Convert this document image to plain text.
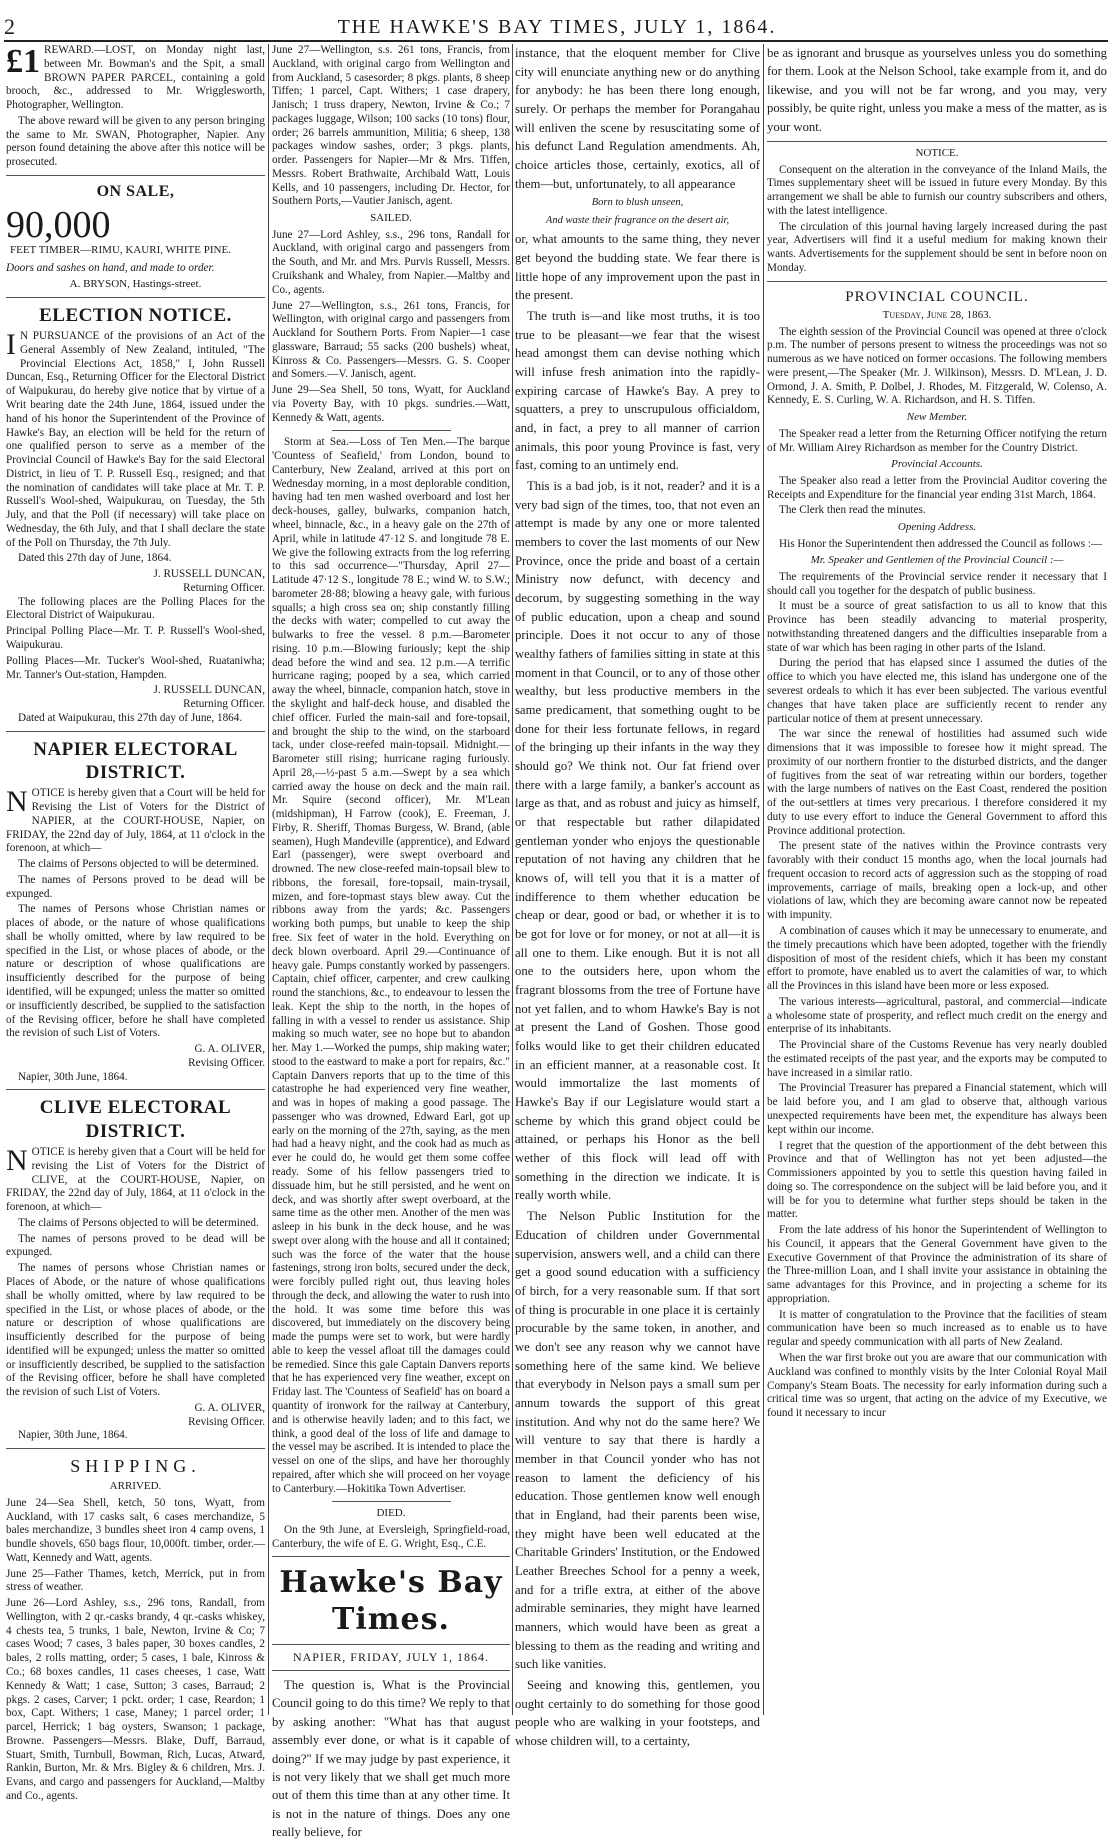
2	THE HAWKE'S BAY TIMES, JULY 1, 1864.
£1 REWARD.—LOST, on Monday night last, between Mr. Bowman's and the Spit, a small BROWN PAPER PARCEL, containing a gold brooch, &c., addressed to Mr. Wrigglesworth, Photographer, Wellington.

The above reward will be given to any person bringing the same to Mr. SWAN, Photographer, Napier. Any person found detaining the above after this notice will be prosecuted.

ON SALE,
90,000 FEET TIMBER—RIMU, KAURI, WHITE PINE.

Doors and sashes on hand, and made to order.

A. BRYSON, Hastings-street.

ELECTION NOTICE.

I N PURSUANCE of the provisions of an Act of the General Assembly of New Zealand, intituled, "The Provincial Elections Act, 1858," I, John Russell Duncan, Esq., Returning Officer for the Electoral District of Waipukurau, do hereby give notice that by virtue of a Writ bearing date the 24th June, 1864, issued under the hand of his honor the Superintendent of the Province of Hawke's Bay, an election will be held for the return of one qualified person to serve as a member of the Provincial Council of Hawke's Bay for the said Electoral District, in lieu of T. P. Russell Esq., resigned; and that the nomination of candidates will take place at Mr. T. P. Russell's Wool-shed, Waipukurau, on Tuesday, the 5th July, and that the Poll (if necessary) will take place on Wednesday, the 6th July, and that I shall declare the state of the Poll on Thursday, the 7th July.

Dated this 27th day of June, 1864.

J. RUSSELL DUNCAN,

Returning Officer.

The following places are the Polling Places for the Electoral District of Waipukurau.

Principal Polling Place—Mr. T. P. Russell's Wool-shed, Waipukurau.

Polling Places—Mr. Tucker's Wool-shed, Ruataniwha; Mr. Tanner's Out-station, Hampden.

J. RUSSELL DUNCAN,

Returning Officer.

Dated at Waipukurau, this 27th day of June, 1864.

NAPIER ELECTORAL DISTRICT.

NOTICE is hereby given that a Court will be held for Revising the List of Voters for the District of NAPIER, at the COURT-HOUSE, Napier, on FRIDAY, the 22nd day of July, 1864, at 11 o'clock in the forenoon, at which—

The claims of Persons objected to will be determined.

The names of Persons proved to be dead will be expunged.

The names of Persons whose Christian names or places of abode, or the nature of whose qualifications shall be wholly omitted, where by law required to be specified in the List, or whose places of abode, or the nature or description of whose qualifications are insufficiently described for the purpose of being identified, will be expunged; unless the matter so omitted or insufficiently described, be supplied to the satisfaction of the Revising officer, before he shall have completed the revision of such List of Voters.

G. A. OLIVER,

Revising Officer.

Napier, 30th June, 1864.

CLIVE ELECTORAL DISTRICT.

NOTICE is hereby given that a Court will be held for revising the List of Voters for the District of CLIVE, at the COURT-HOUSE, Napier, on FRIDAY, the 22nd day of July, 1864, at 11 o'clock in the forenoon, at which—

The claims of Persons objected to will be determined.

The names of persons proved to be dead will be expunged.

The names of persons whose Christian names or Places of Abode, or the nature of whose qualifications shall be wholly omitted, where by law required to be specified in the List, or whose places of abode, or the nature or description of whose qualifications are insufficiently described for the purpose of being identified will be expunged; unless the matter so omitted or insufficiently described, be supplied to the satisfaction of the Revising officer, before he shall have completed the revision of such List of Voters.

G. A. OLIVER,

Revising Officer.

Napier, 30th June, 1864.

SHIPPING.

ARRIVED.

June 24—Sea Shell, ketch, 50 tons, Wyatt, from Auckland, with 17 casks salt, 6 cases merchandize, 5 bales merchandize, 3 bundles sheet iron 4 camp ovens, 1 bundle shovels, 650 bags flour, 10,000ft. timber, order.—Watt, Kennedy and Watt, agents.

June 25—Father Thames, ketch, Merrick, put in from stress of weather.

June 26—Lord Ashley, s.s., 296 tons, Randall, from Wellington, with 2 qr.-casks brandy, 4 qr.-casks whiskey, 4 chests tea, 5 trunks, 1 bale, Newton, Irvine & Co; 7 cases Wood; 7 cases, 3 bales paper, 30 boxes candles, 2 bales, 2 rolls matting, order; 5 cases, 1 bale, Kinross & Co.; 68 boxes candles, 11 cases cheeses, 1 case, Watt Kennedy & Watt; 1 case, Sutton; 3 cases, Barraud; 2 pkgs. 2 cases, Carver; 1 pckt. order; 1 case, Reardon; 1 box, Capt. Withers; 1 case, Maney; 1 parcel order; 1 parcel, Herrick; 1 bag oysters, Swanson; 1 package, Browne. Passengers—Messrs. Blake, Duff, Barraud, Stuart, Smith, Turnbull, Bowman, Rich, Lucas, Atward, Rankin, Burton, Mr. & Mrs. Bigley & 6 children, Mrs. J. Evans, and cargo and passengers for Auckland,—Maltby and Co., agents.

June 27—Wellington, s.s. 261 tons, Francis, from Auckland, with original cargo from Wellington and from Auckland, 5 casesorder; 8 pkgs. plants, 8 sheep Tiffen; 1 parcel, Capt. Withers; 1 case drapery, Janisch; 1 truss drapery, Newton, Irvine & Co.; 7 packages luggage, Wilson; 100 sacks (10 tons) flour, order; 26 barrels ammunition, Militia; 6 sheep, 138 packages window sashes, order; 3 pkgs. plants, order. Passengers for Napier—Mr & Mrs. Tiffen, Messrs. Robert Brathwaite, Archibald Watt, Louis Kells, and 10 passengers, including Dr. Hector, for Southern Ports,—Vautier Janisch, agent.

SAILED.

June 27—Lord Ashley, s.s., 296 tons, Randall for Auckland, with original cargo and passengers from the South, and Mr. and Mrs. Purvis Russell, Messrs. Cruikshank and Whaley, from Napier.—Maltby and Co., agents.

June 27—Wellington, s.s., 261 tons, Francis, for Wellington, with original cargo and passengers from Auckland for Southern Ports. From Napier—1 case glassware, Barraud; 55 sacks (200 bushels) wheat, Kinross & Co. Passengers—Messrs. G. S. Cooper and Somers.—V. Janisch, agent.

June 29—Sea Shell, 50 tons, Wyatt, for Auckland via Poverty Bay, with 10 pkgs. sundries.—Watt, Kennedy & Watt, agents.

Storm at Sea.—Loss of Ten Men.—The barque 'Countess of Seafield,' from London, bound to Canterbury, New Zealand, arrived at this port on Wednesday morning, in a most deplorable condition, having had ten men washed overboard and lost her deck-houses, galley, bulwarks, companion hatch, wheel, binnacle, &c., in a heavy gale on the 27th of April, while in latitude 47·12 S. and longitude 78 E. We give the following extracts from the log referring to this sad occurrence—"Thursday, April 27—Latitude 47·12 S., longitude 78 E.; wind W. to S.W.; barometer 28·88; blowing a heavy gale, with furious squalls; a high cross sea on; ship constantly filling the decks with water; compelled to cut away the bulwarks to free the vessel. 8 p.m.—Barometer rising. 10 p.m.—Blowing furiously; kept the ship dead before the wind and sea. 12 p.m.—A terrific hurricane raging; pooped by a sea, which carried away the wheel, binnacle, companion hatch, stove in the skylight and half-deck house, and disabled the chief officer. Furled the main-sail and fore-topsail, and brought the ship to the wind, on the starboard tack, under close-reefed main-topsail. Midnight.—Barometer still rising; hurricane raging furiously. April 28,—½-past 5 a.m.—Swept by a sea which carried away the house on deck and the main rail. Mr. Squire (second officer), Mr. M'Lean (midshipman), H Farrow (cook), E. Freeman, J. Firby, R. Sheriff, Thomas Burgess, W. Brand, (able seamen), Hugh Mandeville (apprentice), and Edward Earl (passenger), were swept overboard and drowned. The new close-reefed main-topsail blew to ribbons, the foresail, fore-topsail, main-trysail, mizen, and fore-topmast stays blew away. Cut the ribbons away from the yards; &c. Passengers working both pumps, but unable to keep the ship free. Six feet of water in the hold. Everything on deck blown overboard. April 29.—Continuance of heavy gale. Pumps constantly worked by passengers. Captain, chief officer, carpenter, and crew caulking round the stanchions, &c., to endeavour to lessen the leak. Kept the ship to the north, in the hopes of falling in with a vessel to render us assistance. Ship making so much water, see no hope but to abandon her. May 1.—Worked the pumps, ship making water; stood to the eastward to make a port for repairs, &c." Captain Danvers reports that up to the time of this catastrophe he had experienced very fine weather, and was in hopes of making a good passage. The passenger who was drowned, Edward Earl, got up early on the morning of the 27th, saying, as the men had had a heavy night, and the cook had as much as ever he could do, he would get them some coffee ready. Some of his fellow passengers tried to dissuade him, but he still persisted, and he went on deck, and was shortly after swept overboard, at the same time as the other men. Another of the men was asleep in his bunk in the deck house, and he was swept over along with the house and all it contained; such was the force of the water that the house fastenings, strong iron bolts, secured under the deck, were forcibly pulled right out, thus leaving holes through the deck, and allowing the water to rush into the hold. It was some time before this was discovered, but immediately on the discovery being made the pumps were set to work, but were hardly able to keep the vessel afloat till the damages could be remedied. Since this gale Captain Danvers reports that he has experienced very fine weather, except on Friday last. The 'Countess of Seafield' has on board a quantity of ironwork for the railway at Canterbury, and is otherwise heavily laden; and to this fact, we think, a good deal of the loss of life and damage to the vessel may be ascribed. It is intended to place the vessel on one of the slips, and have her thoroughly repaired, after which she will proceed on her voyage to Canterbury.—Hokitika Town Advertiser.

DIED.

On the 9th June, at Eversleigh, Springfield-road, Canterbury, the wife of E. G. Wright, Esq., C.E.

Hawke's Bay Times.
NAPIER, FRIDAY, JULY 1, 1864.

The question is, What is the Provincial Council going to do this time? We reply to that by asking another: "What has that august assembly ever done, or what is it capable of doing?" If we may judge by past experience, it is not very likely that we shall get much more out of them this time than at any other time. It is not in the nature of things. Does any one really believe, for

instance, that the eloquent member for Clive city will enunciate anything new or do anything for anybody: he has been there long enough, surely. Or perhaps the member for Porangahau will enliven the scene by resuscitating some of his defunct Land Regulation amendments. Ah, choice articles those, certainly, exotics, all of them—but, unfortunately, to all appearance

Born to blush unseen,

And waste their fragrance on the desert air,

or, what amounts to the same thing, they never get beyond the budding state. We fear there is little hope of any improvement upon the past in the present.

The truth is—and like most truths, it is too true to be pleasant—we fear that the wisest head amongst them can devise nothing which will infuse fresh animation into the rapidly-expiring carcase of Hawke's Bay. A prey to squatters, a prey to unscrupulous officialdom, and, in fact, a prey to all manner of carrion animals, this poor young Province is fast, very fast, coming to an untimely end.

This is a bad job, is it not, reader? and it is a very bad sign of the times, too, that not even an attempt is made by any one or more talented members to cover the last moments of our New Province, once the pride and boast of a certain Ministry now defunct, with decency and decorum, by suggesting something in the way of public education, upon a cheap and sound principle. Does it not occur to any of those wealthy fathers of families sitting in state at this moment in that Council, or to any of those other wealthy, but less productive members in the same predicament, that something ought to be done for their less fortunate fellows, in regard of the bringing up their infants in the way they should go? We think not. Our fat friend over there with a large family, a banker's account as large as that, and as robust and juicy as himself, or that respectable but rather dilapidated gentleman yonder who enjoys the questionable reputation of not having any children that he knows of, will tell you that it is a matter of indifference to them whether education be cheap or dear, good or bad, or whether it is to be got for love or for money, or not at all—it is all one to them. Like enough. But it is not all one to the outsiders here, upon whom the fragrant blossoms from the tree of Fortune have not yet fallen, and to whom Hawke's Bay is not at present the Land of Goshen. Those good folks would like to get their children educated in an efficient manner, at a reasonable cost. It would immortalize the last moments of Hawke's Bay if our Legislature would start a scheme by which this grand object could be attained, or perhaps his Honor as the bell wether of this flock will lead off with something in the direction we indicate. It is really worth while.

The Nelson Public Institution for the Education of children under Governmental supervision, answers well, and a child can there get a good sound education with a sufficiency of birch, for a very reasonable sum. If that sort of thing is procurable in one place it is certainly procurable by the same token, in another, and we don't see any reason why we cannot have something here of the same kind. We believe that everybody in Nelson pays a small sum per annum towards the support of this great institution. And why not do the same here? We will venture to say that there is hardly a member in that Council yonder who has not reason to lament the deficiency of his education. Those gentlemen know well enough that in England, had their parents been wise, they might have been well educated at the Charitable Grinders' Institution, or the Endowed Leather Breeches School for a penny a week, and for a trifle extra, at either of the above admirable seminaries, they might have learned manners, which would have been as great a blessing to them as the reading and writing and such like vanities.

Seeing and knowing this, gentlemen, you ought certainly to do something for those good people who are walking in your footsteps, and whose children will, to a certainty,

be as ignorant and brusque as yourselves unless you do something for them. Look at the Nelson School, take example from it, and do likewise, and you will not be far wrong, and you may, very possibly, be quite right, unless you make a mess of the matter, as is your wont.

NOTICE.

Consequent on the alteration in the conveyance of the Inland Mails, the Times supplementary sheet will be issued in future every Monday. By this arrangement we shall be able to furnish our country subscribers and others, with the latest intelligence.

The circulation of this journal having largely increased during the past year, Advertisers will find it a useful medium for making known their wants. Advertisements for the supplement should be sent in before noon on Monday.

PROVINCIAL COUNCIL.

Tuesday, June 28, 1863.

The eighth session of the Provincial Council was opened at three o'clock p.m. The number of persons present to witness the proceedings was not so numerous as we have noticed on former occasions. The following members were present,—The Speaker (Mr. J. Wilkinson), Messrs. D. M'Lean, J. D. Ormond, J. A. Smith, P. Dolbel, J. Rhodes, M. Fitzgerald, W. Colenso, A. Kennedy, E. S. Curling, W. A. Richardson, and H. S. Tiffen.

New Member.

The Speaker read a letter from the Returning Officer notifying the return of Mr. William Airey Richardson as member for the Country District.

Provincial Accounts.

The Speaker also read a letter from the Provincial Auditor covering the Receipts and Expenditure for the financial year ending 31st March, 1864.

The Clerk then read the minutes.

Opening Address.

His Honor the Superintendent then addressed the Council as follows :—

Mr. Speaker and Gentlemen of the Provincial Council :—

The requirements of the Provincial service render it necessary that I should call you together for the despatch of public business.

It must be a source of great satisfaction to us all to know that this Province has been steadily advancing to material prosperity, notwithstanding threatened dangers and the difficulties inseparable from a state of war which has been raging in other parts of the Island.

During the period that has elapsed since I assumed the duties of the office to which you have elected me, this island has undergone one of the severest ordeals to which it has ever been subjected. The various eventful changes that have taken place are sufficiently recent to render any particular notice of them at present unnecessary.

The war since the renewal of hostilities had assumed such wide dimensions that it was impossible to foresee how it might spread. The proximity of our northern frontier to the disturbed districts, and the danger of fugitives from the seat of war retreating within our borders, together with the large numbers of natives on the East Coast, rendered the position of the out-settlers at times very precarious. I therefore considered it my duty to use every effort to induce the General Government to afford this Province additional protection.

The present state of the natives within the Province contrasts very favorably with their conduct 15 months ago, when the local journals had frequent occasion to record acts of aggression such as the stopping of road improvements, carriage of mails, breaking open a lock-up, and other violations of law, which they are becoming aware cannot now be repeated with impunity.

A combination of causes which it may be unnecessary to enumerate, and the timely precautions which have been adopted, together with the friendly disposition of most of the resident chiefs, which it has been my constant effort to promote, have enabled us to avert the calamities of war, to which all the Provinces in this island have been more or less exposed.

The various interests—agricultural, pastoral, and commercial—indicate a wholesome state of prosperity, and reflect much credit on the energy and enterprise of its inhabitants.

The Provincial share of the Customs Revenue has very nearly doubled the estimated receipts of the past year, and the exports may be computed to have increased in a similar ratio.

The Provincial Treasurer has prepared a Financial statement, which will be laid before you, and I am glad to observe that, although various unexpected requirements have been met, the expenditure has always been kept within our income.

I regret that the question of the apportionment of the debt between this Province and that of Wellington has not yet been adjusted—the Commissioners appointed by you to settle this question having failed in doing so. The correspondence on the subject will be laid before you, and it will be for you to determine what further steps should be taken in the matter.

From the late address of his honor the Superintendent of Wellington to his Council, it appears that the General Government have given to the Executive Government of that Province the administration of its share of the Three-million Loan, and I shall invite your assistance in obtaining the same advantages for this Province, and in projecting a scheme for its appropriation.

It is matter of congratulation to the Province that the facilities of steam communication have been so much increased as to enable us to have regular and speedy communication with all parts of New Zealand.

When the war first broke out you are aware that our communication with Auckland was confined to monthly visits by the Inter Colonial Royal Mail Company's Steam Boats. The necessity for early information during such a critical time was so urgent, that acting on the advice of my Executive, we found it necessary to incur
